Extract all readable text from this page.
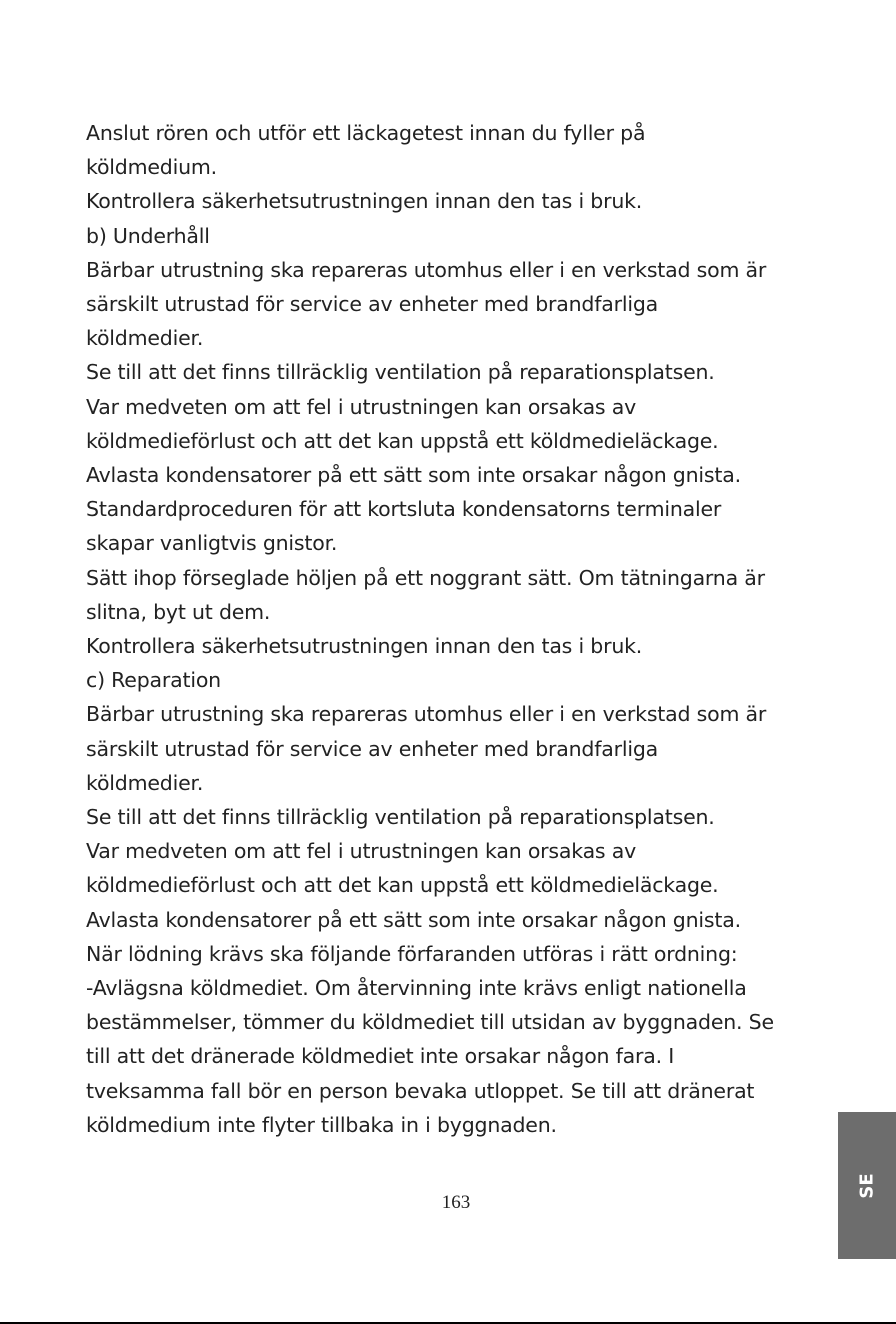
Anslut rören och utför ett läckagetest innan du fyller på
köldmedium.
Kontrollera säkerhetsutrustningen innan den tas i bruk.
b) Underhåll
Bärbar utrustning ska repareras utomhus eller i en verkstad som är
särskilt utrustad för service av enheter med brandfarliga
köldmedier.
Se till att det finns tillräcklig ventilation på reparationsplatsen.
Var medveten om att fel i utrustningen kan orsakas av
köldmedieförlust och att det kan uppstå ett köldmedieläckage.
Avlasta kondensatorer på ett sätt som inte orsakar någon gnista.
Standardproceduren för att kortsluta kondensatorns terminaler
skapar vanligtvis gnistor.
Sätt ihop förseglade höljen på ett noggrant sätt. Om tätningarna är
slitna, byt ut dem.
Kontrollera säkerhetsutrustningen innan den tas i bruk.
c) Reparation
Bärbar utrustning ska repareras utomhus eller i en verkstad som är
särskilt utrustad för service av enheter med brandfarliga
köldmedier.
Se till att det finns tillräcklig ventilation på reparationsplatsen.
Var medveten om att fel i utrustningen kan orsakas av
köldmedieförlust och att det kan uppstå ett köldmedieläckage.
Avlasta kondensatorer på ett sätt som inte orsakar någon gnista.
När lödning krävs ska följande förfaranden utföras i rätt ordning:
-Avlägsna köldmediet. Om återvinning inte krävs enligt nationella
bestämmelser, tömmer du köldmediet till utsidan av byggnaden. Se
till att det dränerade köldmediet inte orsakar någon fara. I
tveksamma fall bör en person bevaka utloppet. Se till att dränerat
köldmedium inte flyter tillbaka in i byggnaden.
163
SE
